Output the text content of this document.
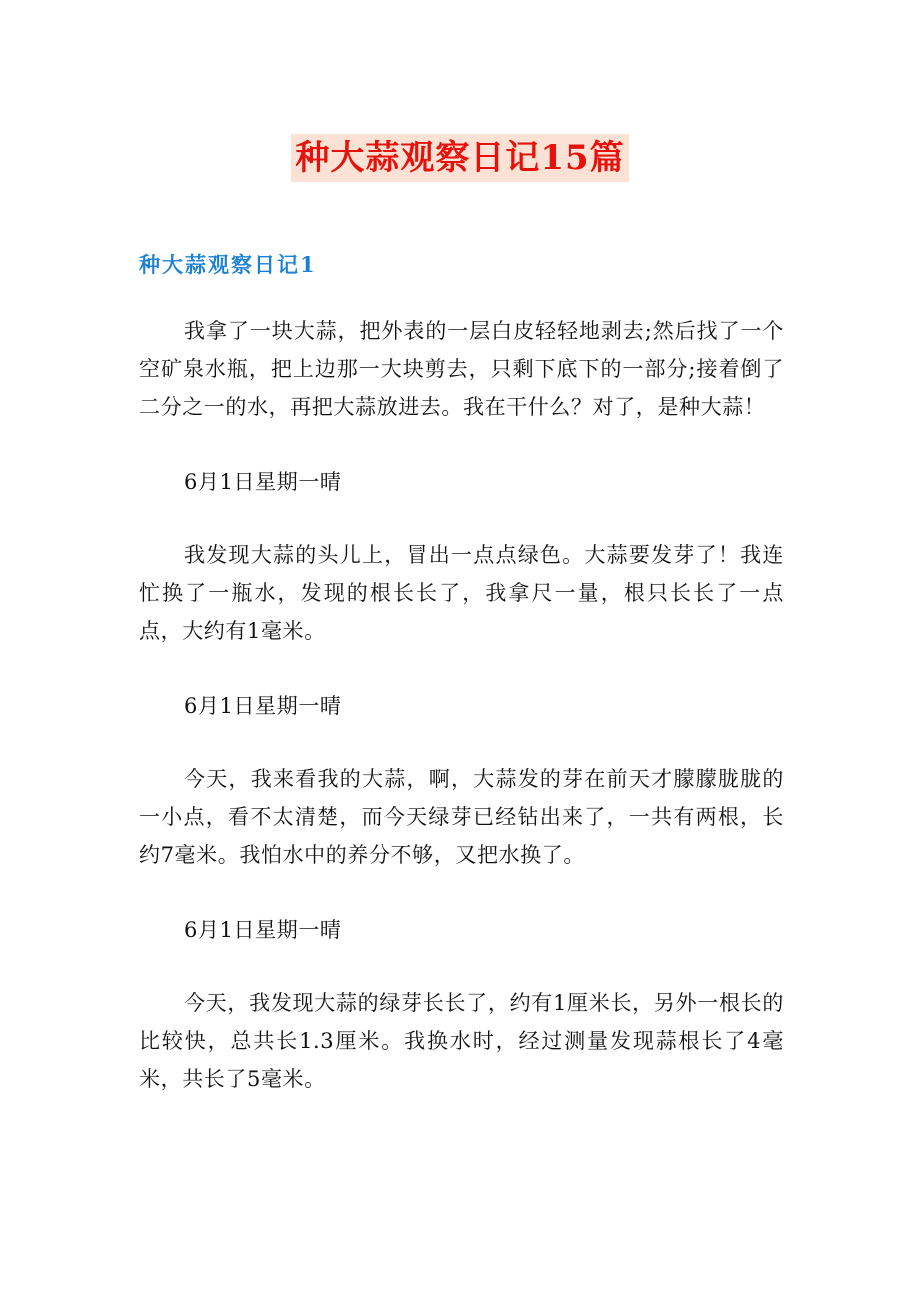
种大蒜观察日记15篇
种大蒜观察日记1

我拿了一块大蒜，把外表的一层白皮轻轻地剥去;然后找了一个空矿泉水瓶，把上边那一大块剪去，只剩下底下的一部分;接着倒了二分之一的水，再把大蒜放进去。我在干什么？对了，是种大蒜！

6月1日星期一晴

我发现大蒜的头儿上，冒出一点点绿色。大蒜要发芽了！我连忙换了一瓶水，发现的根长长了，我拿尺一量，根只长长了一点点，大约有1毫米。

6月1日星期一晴

今天，我来看我的大蒜，啊，大蒜发的芽在前天才朦朦胧胧的一小点，看不太清楚，而今天绿芽已经钻出来了，一共有两根，长约7毫米。我怕水中的养分不够，又把水换了。

6月1日星期一晴

今天，我发现大蒜的绿芽长长了，约有1厘米长，另外一根长的比较快，总共长1.3厘米。我换水时，经过测量发现蒜根长了4毫米，共长了5毫米。
